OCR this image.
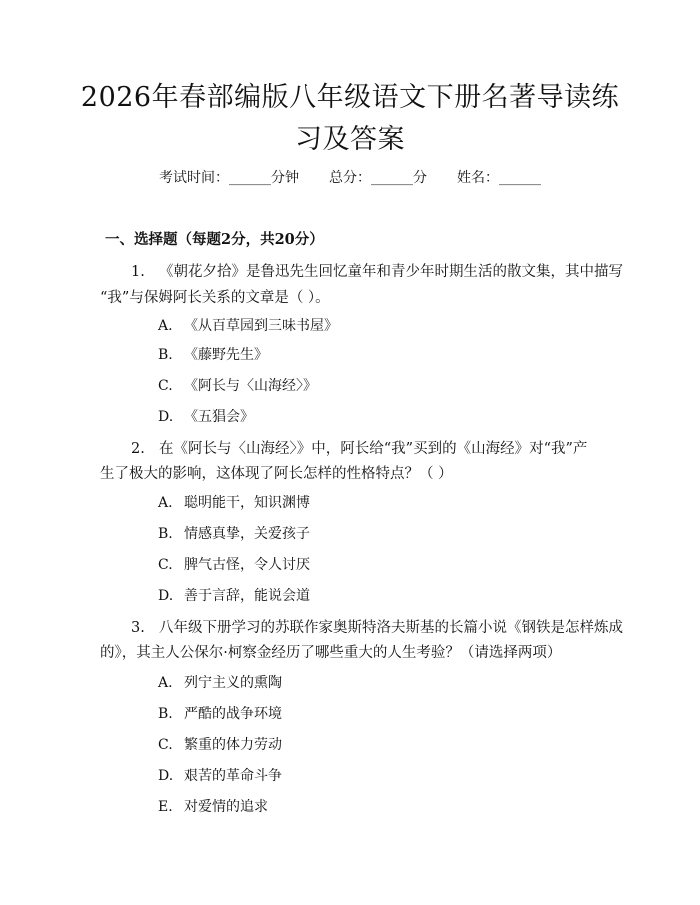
2026年春部编版八年级语文下册名著导读练
习及答案
考试时间：______分钟 总分：______分 姓名：______
一、选择题（每题2分，共20分）
1. 《朝花夕拾》是鲁迅先生回忆童年和青少年时期生活的散文集，其中描写
“我”与保姆阿长关系的文章是（ ）。
A. 《从百草园到三味书屋》
B. 《藤野先生》
C. 《阿长与〈山海经〉》
D. 《五猖会》
2. 在《阿长与〈山海经〉》中，阿长给“我”买到的《山海经》对“我”产
生了极大的影响，这体现了阿长怎样的性格特点？（ ）
A. 聪明能干，知识渊博
B. 情感真挚，关爱孩子
C. 脾气古怪，令人讨厌
D. 善于言辞，能说会道
3. 八年级下册学习的苏联作家奥斯特洛夫斯基的长篇小说《钢铁是怎样炼成
的》，其主人公保尔·柯察金经历了哪些重大的人生考验？（请选择两项）
A. 列宁主义的熏陶
B. 严酷的战争环境
C. 繁重的体力劳动
D. 艰苦的革命斗争
E. 对爱情的追求
